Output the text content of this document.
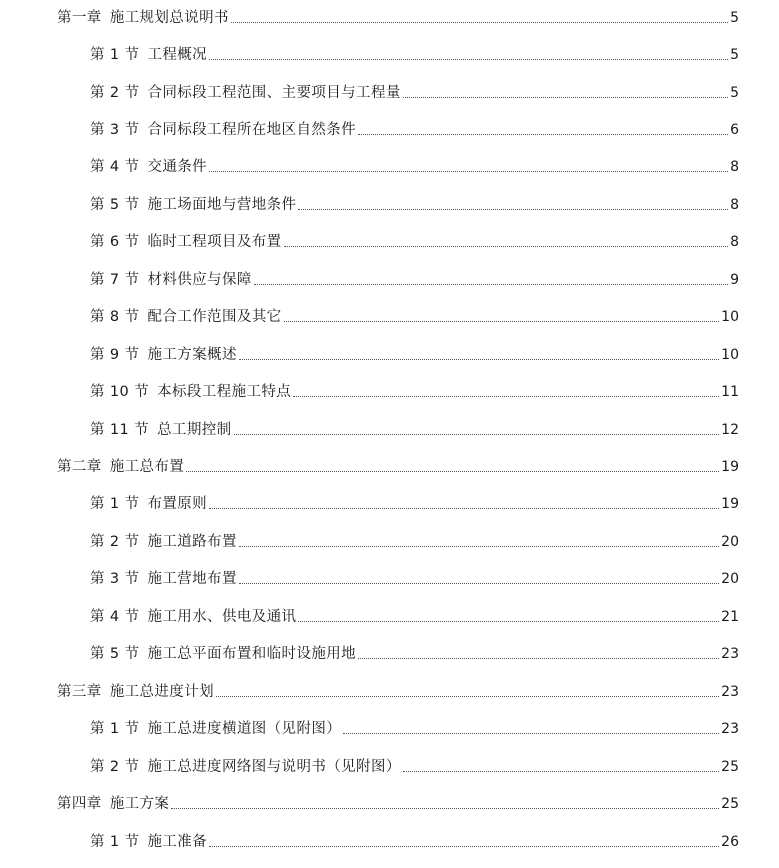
第一章 施工规划总说明书	5
第 1 节 工程概况	5
第 2 节 合同标段工程范围、主要项目与工程量	5
第 3 节 合同标段工程所在地区自然条件	6
第 4 节 交通条件	8
第 5 节 施工场面地与营地条件	8
第 6 节 临时工程项目及布置	8
第 7 节 材料供应与保障	9
第 8 节 配合工作范围及其它	10
第 9 节 施工方案概述	10
第 10 节 本标段工程施工特点	11
第 11 节 总工期控制	12
第二章 施工总布置	19
第 1 节 布置原则	19
第 2 节 施工道路布置	20
第 3 节 施工营地布置	20
第 4 节 施工用水、供电及通讯	21
第 5 节 施工总平面布置和临时设施用地	23
第三章 施工总进度计划	23
第 1 节 施工总进度横道图（见附图）	23
第 2 节 施工总进度网络图与说明书（见附图）	25
第四章 施工方案	25
第 1 节 施工准备	26
